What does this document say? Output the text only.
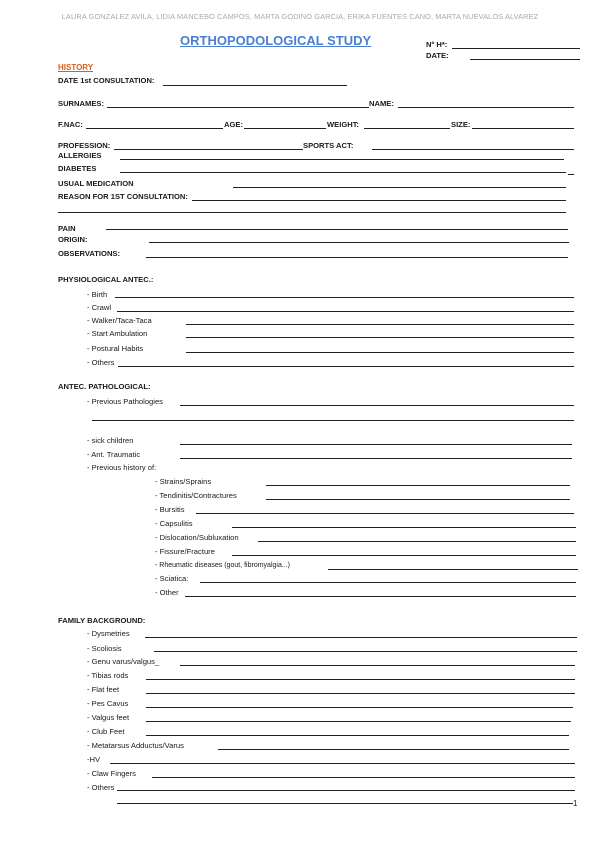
LAURA GONZALEZ AVILA, LIDIA MANCEBO CAMPOS, MARTA GODINO GARCIA, ERIKA FUENTES CANO, MARTA NUEVALOS ALVAREZ
ORTHOPODOLOGICAL STUDY	Nº H*:
DATE:
HISTORY
DATE 1st CONSULTATION:
SURNAMES:	NAME:
F.NAC:	AGE:	WEIGHT:	SIZE:
PROFESSION:	SPORTS ACT:
ALLERGIES
DIABETES
USUAL MEDICATION
REASON FOR 1ST CONSULTATION:
PAIN
ORIGIN:
OBSERVATIONS:
PHYSIOLOGICAL ANTEC.:
- Birth
- Crawl
- Walker/Taca-Taca
- Start Ambulation
- Postural Habits
- Others
ANTEC. PATHOLOGICAL:
- Previous Pathologies
- sick children
- Ant. Traumatic
- Previous history of:
- Strains/Sprains
- Tendinitis/Contractures
- Bursitis
- Capsulitis
- Dislocation/Subluxation
- Fissure/Fracture
- Rheumatic diseases (gout, fibromyalgia...)
- Sciatica:
- Other
FAMILY BACKGROUND:
- Dysmetries
- Scoliosis
- Genu varus/valgus_
- Tibias rods
- Flat feet
- Pes Cavus
- Valgus feet
- Club Feet
- Metatarsus Adductus/Varus
-HV
- Claw Fingers
- Others
1
